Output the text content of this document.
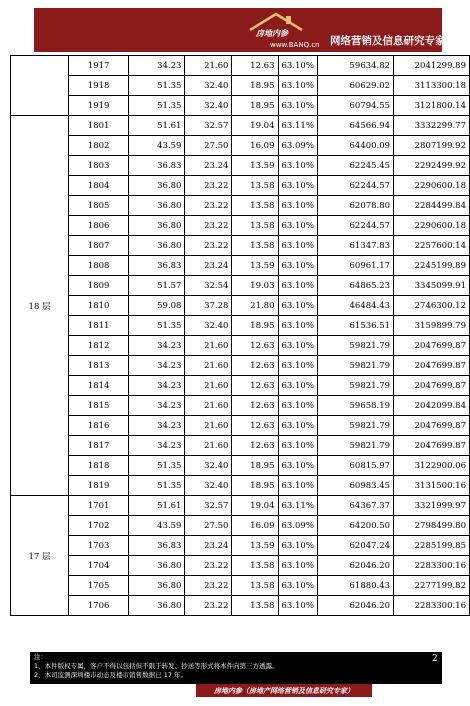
房地内参
www.BANQ.cn 网络营销及信息研究专家
	1917	34.23	21.60	12.63	63.10%	59634.82	2041299.89
	1918	51.35	32.40	18.95	63.10%	60629.02	3113300.18
	1919	51.35	32.40	18.95	63.10%	60794.55	3121800.14
18 层	1801	51.61	32.57	19.04	63.11%	64566.94	3332299.77
	1802	43.59	27.50	16.09	63.09%	64400.09	2807199.92
	1803	36.83	23.24	13.59	63.10%	62245.45	2292499.92
	1804	36.80	23.22	13.58	63.10%	62244.57	2290600.18
	1805	36.80	23.22	13.58	63.10%	62078.80	2284499.84
	1806	36.80	23.22	13.58	63.10%	62244.57	2290600.18
	1807	36.80	23.22	13.58	63.10%	61347.83	2257600.14
	1808	36.83	23.24	13.59	63.10%	60961.17	2245199.89
	1809	51.57	32.54	19.03	63.10%	64865.23	3345099.91
	1810	59.08	37.28	21.80	63.10%	46484.43	2746300.12
	1811	51.35	32.40	18.95	63.10%	61536.51	3159899.79
	1812	34.23	21.60	12.63	63.10%	59821.79	2047699.87
	1813	34.23	21.60	12.63	63.10%	59821.79	2047699.87
	1814	34.23	21.60	12.63	63.10%	59821.79	2047699.87
	1815	34.23	21.60	12.63	63.10%	59658.19	2042099.84
	1816	34.23	21.60	12.63	63.10%	59821.79	2047699.87
	1817	34.23	21.60	12.63	63.10%	59821.79	2047699.87
	1818	51.35	32.40	18.95	63.10%	60815.97	3122900.06
	1819	51.35	32.40	18.95	63.10%	60983.45	3131500.16
17 层	1701	51.61	32.57	19.04	63.11%	64367.37	3321999.97
	1702	43.59	27.50	16.09	63.09%	64200.50	2798499.80
	1703	36.83	23.24	13.59	63.10%	62047.24	2285199.85
	1704	36.80	23.22	13.58	63.10%	62046.20	2283300.16
	1705	36.80	23.22	13.58	63.10%	61880.43	2277199.82
	1706	36.80	23.22	13.58	63.10%	62046.20	2283300.16
注：
1、本件版权专属，客户不得以包括但不限于转发、抄送等形式将本件向第三方透露。
2、本司监测深圳楼市动态及楼市销售数据已 17 年。
2
房地内参（房地产网络营销及信息研究专家）
